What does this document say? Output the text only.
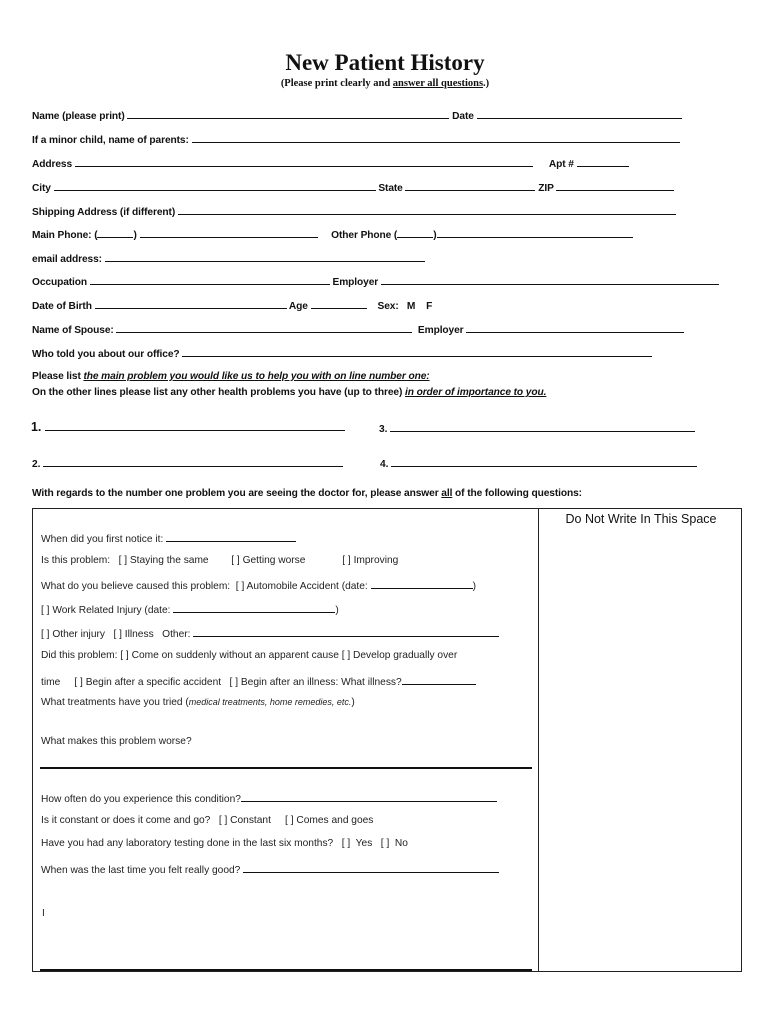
New Patient History
(Please print clearly and answer all questions.)
Name (please print)	Date
If a minor child, name of parents:
Address	Apt #
City	State	ZIP
Shipping Address (if different)
Main Phone: (	)	Other Phone (	)
email address:
Occupation	Employer
Date of Birth	Age	Sex:   M    F
Name of Spouse:	Employer
Who told you about our office?
Please list the main problem you would like us to help you with on line number one:
On the other lines please list any other health problems you have (up to three) in order of importance to you.
1.	3.
2.	4.
With regards to the number one problem you are seeing the doctor for, please answer all of the following questions:
Do Not Write In This Space
When did you first notice it:
Is this problem:   [ ] Staying the same [ ] Getting worse	[ ] Improving
What do you believe caused this problem:  [ ] Automobile Accident (date:	)
[ ] Work Related Injury (date:	)
[ ] Other injury   [ ] Illness   Other:
Did this problem: [ ] Come on suddenly without an apparent cause [ ] Develop gradually over
time     [ ] Begin after a specific accident   [ ] Begin after an illness: What illness?
What treatments have you tried (medical treatments, home remedies, etc.)
What makes this problem worse?
How often do you experience this condition?
Is it constant or does it come and go?   [ ] Constant     [ ] Comes and goes
Have you had any laboratory testing done in the last six months?   [ ]  Yes   [ ]  No
When was the last time you felt really good?
I
